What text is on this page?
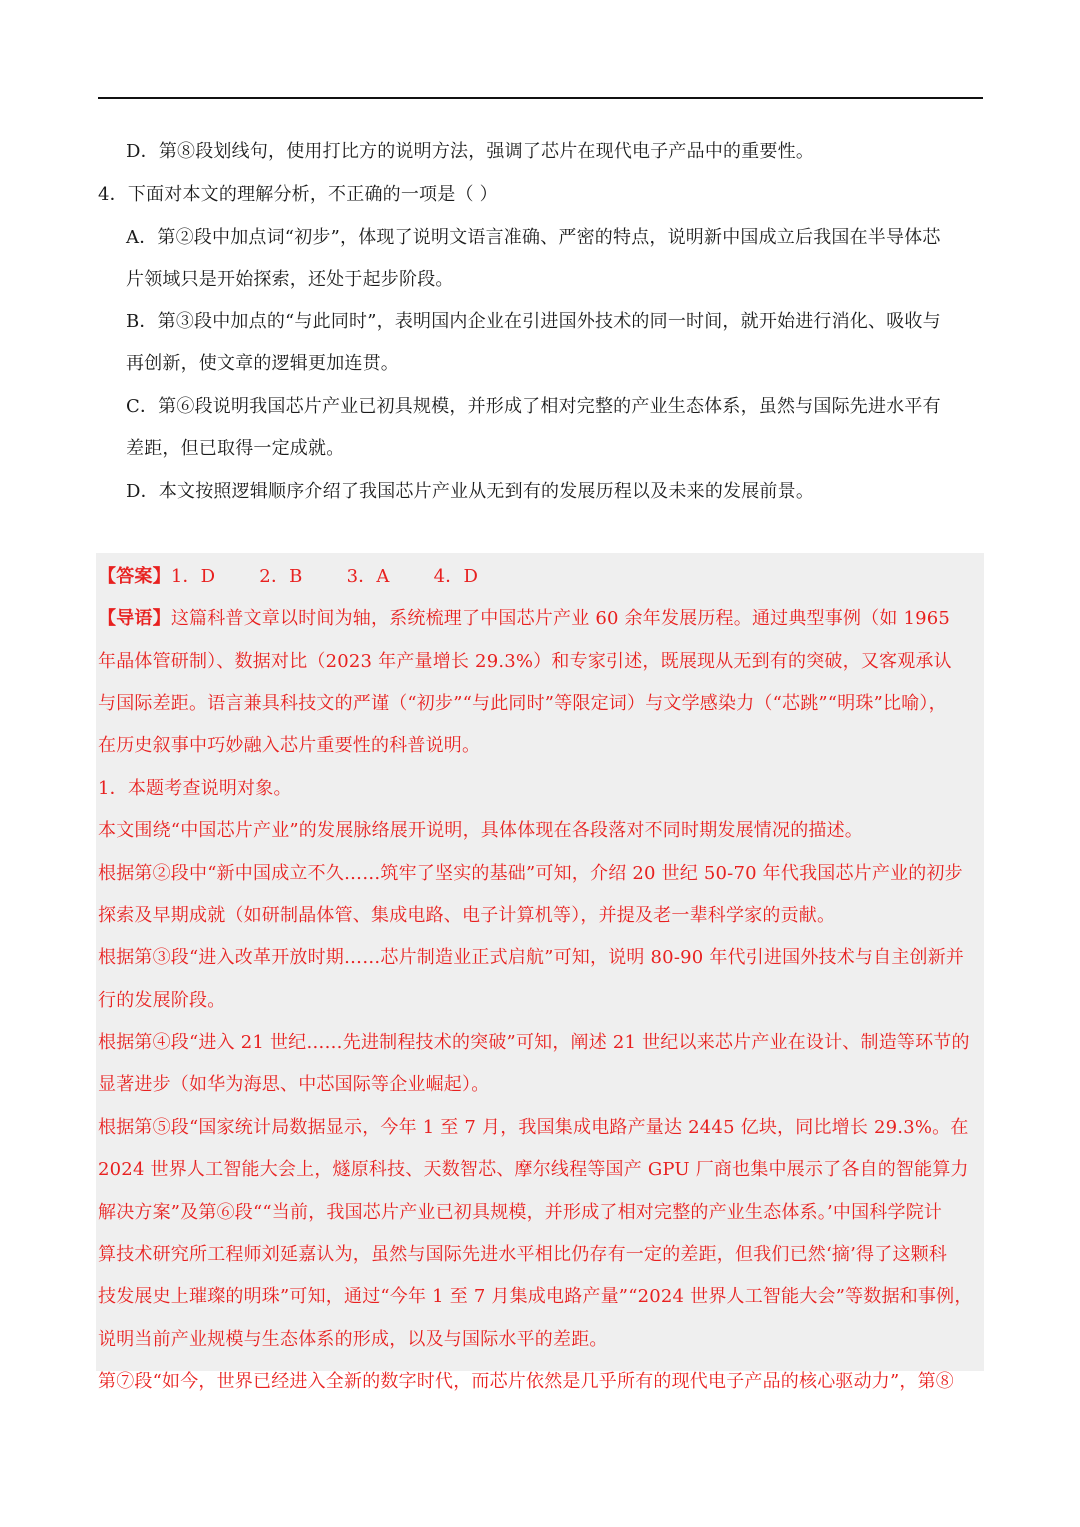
D．第⑧段划线句，使用打比方的说明方法，强调了芯片在现代电子产品中的重要性。
4．下面对本文的理解分析，不正确的一项是（ ）
A．第②段中加点词“初步”，体现了说明文语言准确、严密的特点，说明新中国成立后我国在半导体芯
片领域只是开始探索，还处于起步阶段。
B．第③段中加点的“与此同时”，表明国内企业在引进国外技术的同一时间，就开始进行消化、吸收与
再创新，使文章的逻辑更加连贯。
C．第⑥段说明我国芯片产业已初具规模，并形成了相对完整的产业生态体系，虽然与国际先进水平有
差距，但已取得一定成就。
D．本文按照逻辑顺序介绍了我国芯片产业从无到有的发展历程以及未来的发展前景。
【答案】1．D 2．B 3．A 4．D
【导语】这篇科普文章以时间为轴，系统梳理了中国芯片产业 60 余年发展历程。通过典型事例（如 1965
年晶体管研制）、数据对比（2023 年产量增长 29.3%）和专家引述，既展现从无到有的突破，又客观承认
与国际差距。语言兼具科技文的严谨（“初步”“与此同时”等限定词）与文学感染力（“芯跳”“明珠”比喻），
在历史叙事中巧妙融入芯片重要性的科普说明。
1．本题考查说明对象。
本文围绕“中国芯片产业”的发展脉络展开说明，具体体现在各段落对不同时期发展情况的描述。
根据第②段中“新中国成立不久……筑牢了坚实的基础”可知，介绍 20 世纪 50-70 年代我国芯片产业的初步
探索及早期成就（如研制晶体管、集成电路、电子计算机等），并提及老一辈科学家的贡献。
根据第③段“进入改革开放时期……芯片制造业正式启航”可知，说明 80-90 年代引进国外技术与自主创新并
行的发展阶段。
根据第④段“进入 21 世纪……先进制程技术的突破”可知，阐述 21 世纪以来芯片产业在设计、制造等环节的
显著进步（如华为海思、中芯国际等企业崛起）。
根据第⑤段“国家统计局数据显示，今年 1 至 7 月，我国集成电路产量达 2445 亿块，同比增长 29.3%。在
2024 世界人工智能大会上，燧原科技、天数智芯、摩尔线程等国产 GPU 厂商也集中展示了各自的智能算力
解决方案”及第⑥段““当前，我国芯片产业已初具规模，并形成了相对完整的产业生态体系。’中国科学院计
算技术研究所工程师刘延嘉认为，虽然与国际先进水平相比仍存有一定的差距，但我们已然‘摘’得了这颗科
技发展史上璀璨的明珠”可知，通过“今年 1 至 7 月集成电路产量”“2024 世界人工智能大会”等数据和事例，
说明当前产业规模与生态体系的形成，以及与国际水平的差距。
第⑦段“如今，世界已经进入全新的数字时代，而芯片依然是几乎所有的现代电子产品的核心驱动力”，第⑧
